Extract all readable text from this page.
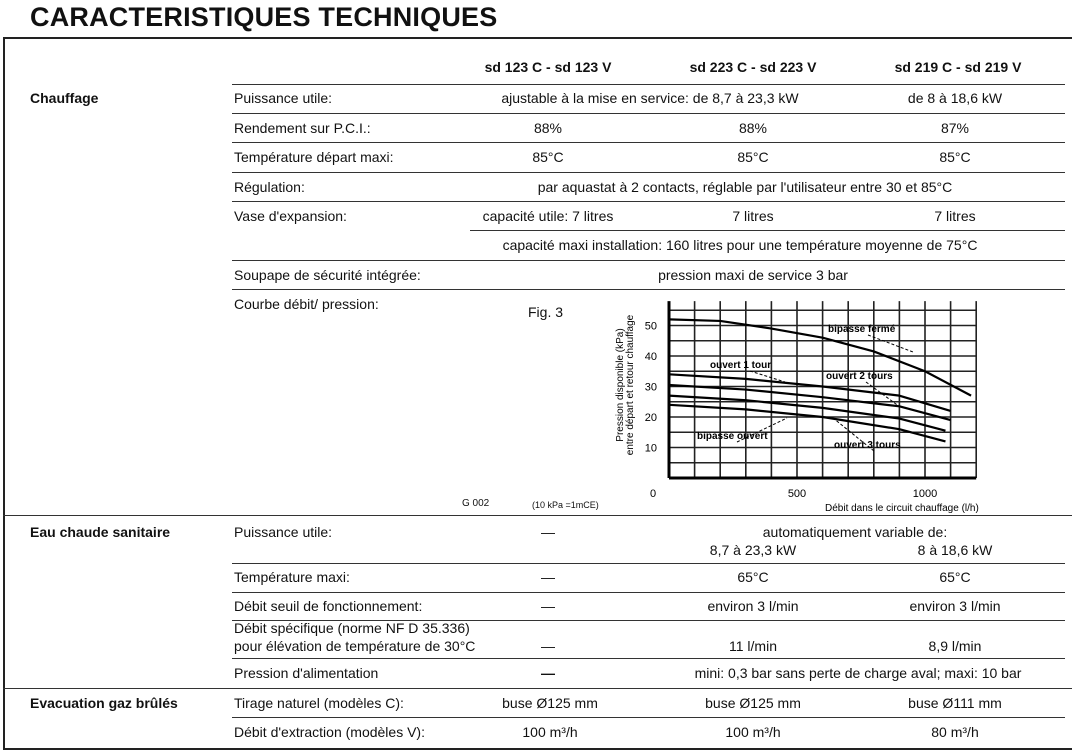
CARACTERISTIQUES TECHNIQUES
sd 123 C - sd 123 V	sd 223 C - sd 223 V	sd 219 C - sd 219 V
Chauffage	Puissance utile:	ajustable à la mise en service: de 8,7 à 23,3 kW	de 8 à 18,6 kW
Rendement sur P.C.I.:	88%	88%	87%
Température départ maxi:	85°C	85°C	85°C
Régulation:	par aquastat à 2 contacts, réglable par l'utilisateur entre 30 et 85°C
Vase d'expansion:	capacité utile: 7 litres	7 litres	7 litres
capacité maxi installation: 160 litres pour une température moyenne de 75°C
Soupape de sécurité intégrée:	pression maxi de service 3 bar
Courbe débit/ pression:	Fig. 3
G 002	(10 kPa =1mCE)
10
20
30
40
50
0	500	1000
bipasse fermé
ouvert 1 tour
ouvert 2 tours
ouvert 3 tours
bipasse ouvert
Pression disponible (kPa)entre départ et retour chauffage
Débit dans le circuit chauffage (l/h)
Eau chaude sanitaire	Puissance utile:	—	automatiquement variable de:
8,7 à 23,3 kW	8 à 18,6 kW
Température maxi:	—	65°C	65°C
Débit seuil de fonctionnement:	—	environ 3 l/min	environ 3 l/min
Débit spécifique (norme NF D 35.336)
pour élévation de température de 30°C	—	11 l/min	8,9 l/min
Pression d'alimentation	—	mini: 0,3 bar sans perte de charge aval; maxi: 10 bar
Evacuation gaz brûlés	Tirage naturel (modèles C):	buse Ø125 mm	buse Ø125 mm	buse Ø111 mm
Débit d'extraction (modèles V):	100 m³/h	100 m³/h	80 m³/h
